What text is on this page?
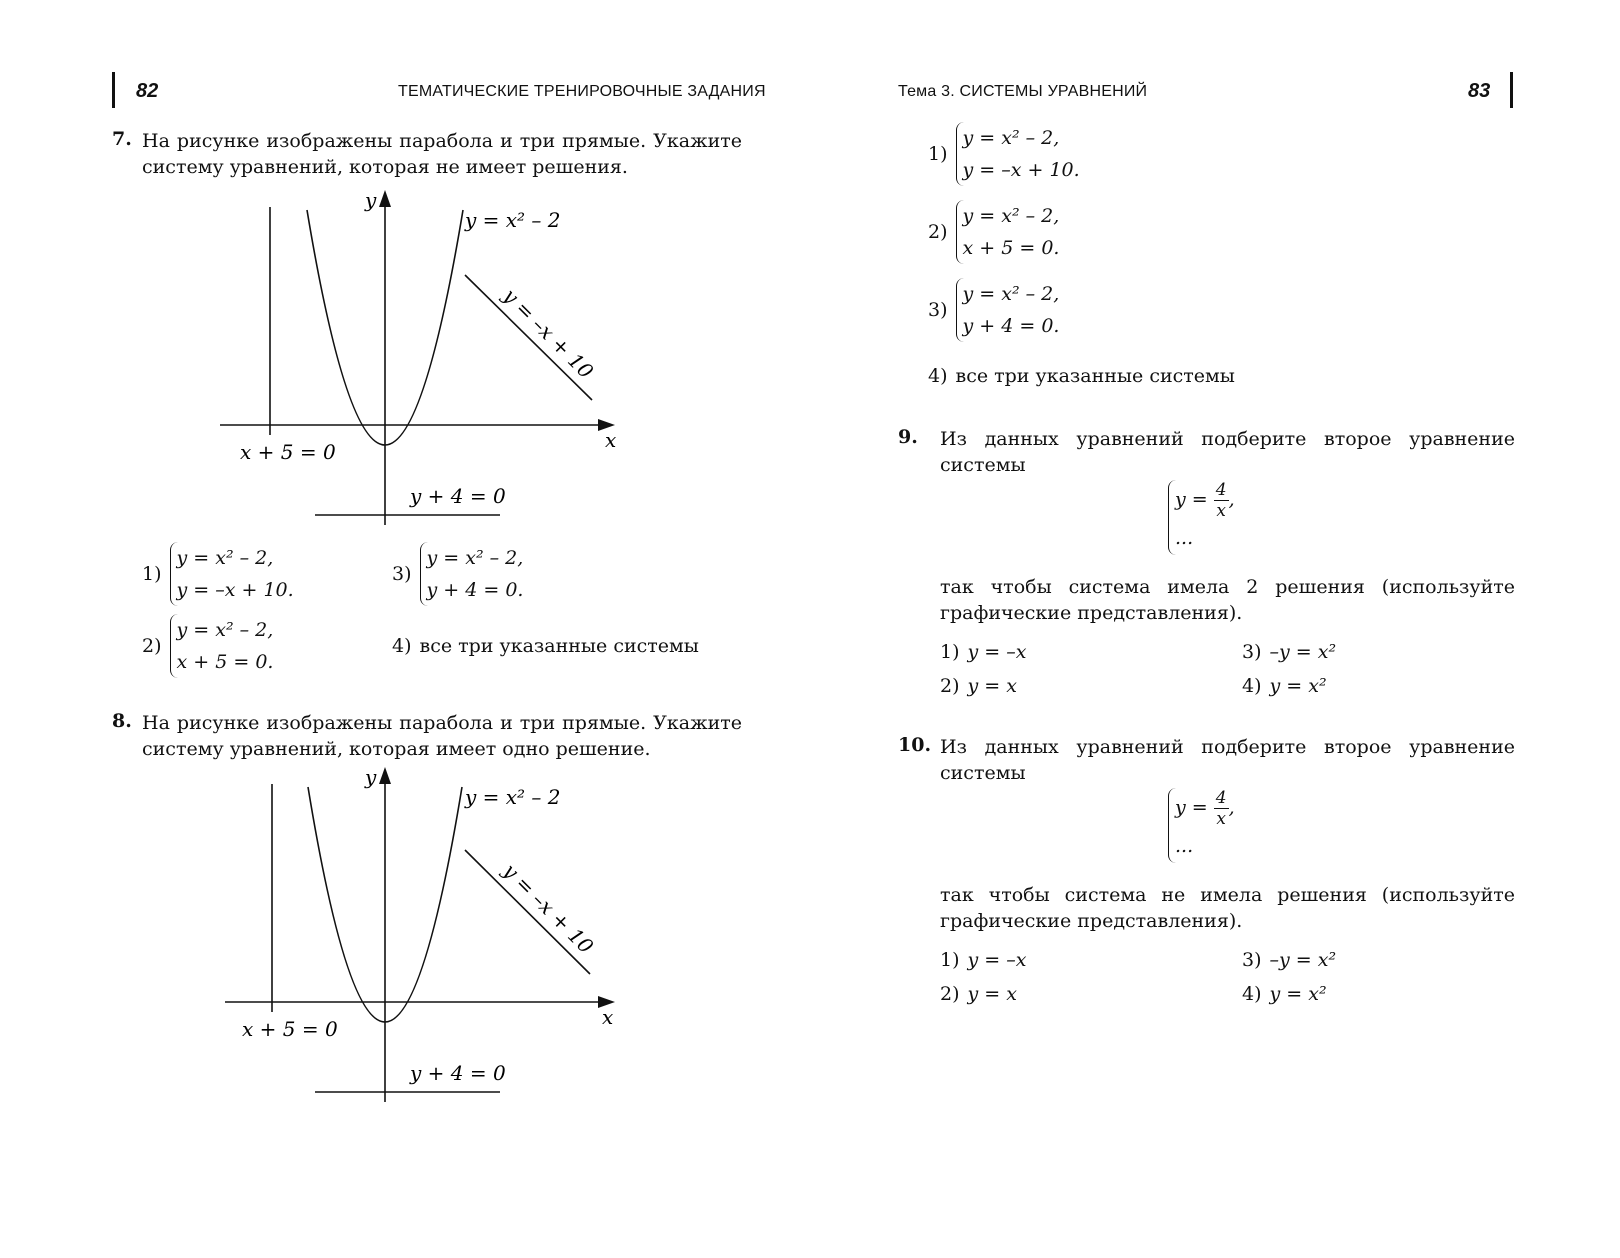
82	ТЕМАТИЧЕСКИЕ ТРЕНИРОВОЧНЫЕ ЗАДАНИЯ
7. На рисунке изображены парабола и три прямые. Укажите систему уравнений, которая не имеет решения.
y
x
y = x² – 2
y = –x + 10
x + 5 = 0
y + 4 = 0
1)
y = x² – 2,
y = –x + 10.
3)
y = x² – 2,
y + 4 = 0.
2)
y = x² – 2,
x + 5 = 0.
4) все три указанные системы
8. На рисунке изображены парабола и три прямые. Укажите систему уравнений, которая имеет одно решение.
y
x
y = x² – 2
y = –x + 10
x + 5 = 0
y + 4 = 0
Тема 3. СИСТЕМЫ УРАВНЕНИЙ	83
1)
y = x² – 2,
y = –x + 10.
2)
y = x² – 2,
x + 5 = 0.
3)
y = x² – 2,
y + 4 = 0.
4) все три указанные системы
9. Из данных уравнений подберите второе уравнение системы
$y = \frac{4}{x}$ ,
...
так чтобы система имела 2 решения (используйте графические представления).
1) y = –x	3) –y = x²
2) y = x	4) y = x²
10. Из данных уравнений подберите второе уравнение системы
$y = \frac{4}{x}$ ,
...
так чтобы система не имела решения (используйте графические представления).
1) y = –x	3) –y = x²
2) y = x	4) y = x²
